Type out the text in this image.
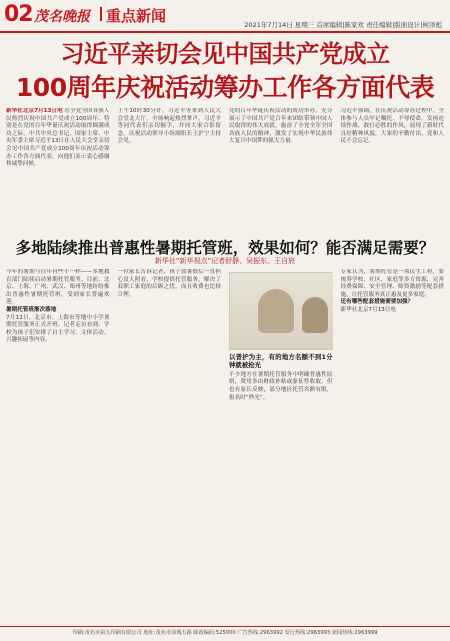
02 茂名晚报 重点新闻	2021年7月14日 星期三 首席编辑|陈家欢 责任编辑|版面设计|柯泽彪
习近平亲切会见中国共产党成立
100周年庆祝活动筹办工作各方面代表
新华社北京7月13日电 在全党全国各族人民热烈庆祝中国共产党成立100周年、特别是在党的百年华诞庆祝活动取得圆满成功之际，中共中央总书记、国家主席、中央军委主席习近平13日在人民大会堂亲切会见中国共产党成立100周年庆祝活动筹办工作各方面代表，向他们表示衷心感谢和诚挚问候。
上午10时30分许，习近平等来到人民大会堂北大厅，全场响起热烈掌声。习近平等同代表们亲切握手，并同大家合影留念。庆祝活动领导小组副组长王沪宁主持会见。
党的百年华诞庆祝活动的成功举办，充分展示了中国共产党百年来团结带领中国人民取得的伟大成就，振奋了全党全军全国各族人民的精神，激发了实现中华民族伟大复兴中国梦的强大力量。
习近平强调，在庆祝活动筹办过程中，全体参与人员牢记嘱托、不辱使命，发扬连续作战、敢打必胜的作风，展现了新时代良好精神风貌，大家的辛勤付出，党和人民不会忘记。
多地陆续推出普惠性暑期托管班，效果如何？能否满足需要？
新华社“新华视点”记者舒静、吴振东、王自宸
今年的暑期与往年有些不一样——多地教育部门陆续启动暑期托管服务。目前，北京、上海、广州、武汉、郑州等地纷纷推出普惠性暑期托管班，受到家长普遍欢迎。
暑期托管班渐次落地
7月12日，北京市、上海市等地中小学暑期托管服务正式开班。记者走访看到，学校为孩子们安排了自主学习、文体活动、兴趣拓展等内容。
一位家长告诉记者，孩子放暑假后一直担心没人照看，学校提供托管服务，解决了双职工家庭的后顾之忧，而且收费也比较合理。
以普护为主，有的地方名额不到1分钟就被抢光
不少地方在暑期托管服务中明确普惠性原则，费用多由财政补贴或象征性收取。但也有家长反映，部分地区托管名额有限，报名时“秒光”。
专家认为，暑期托管是一项民生工程，要统筹学校、社区、家庭等多方资源，完善经费保障、安全管理、师资激励等配套措施，让托管服务真正惠及更多家庭。
还有哪些配套措施需要加强？
新华社北京7月13日电
印刷:茂名市第五印刷有限公司 地址:茂名市油城五路 邮政编码:525000 广告热线:2963992 发行热线:2963993 新闻热线:2963999
